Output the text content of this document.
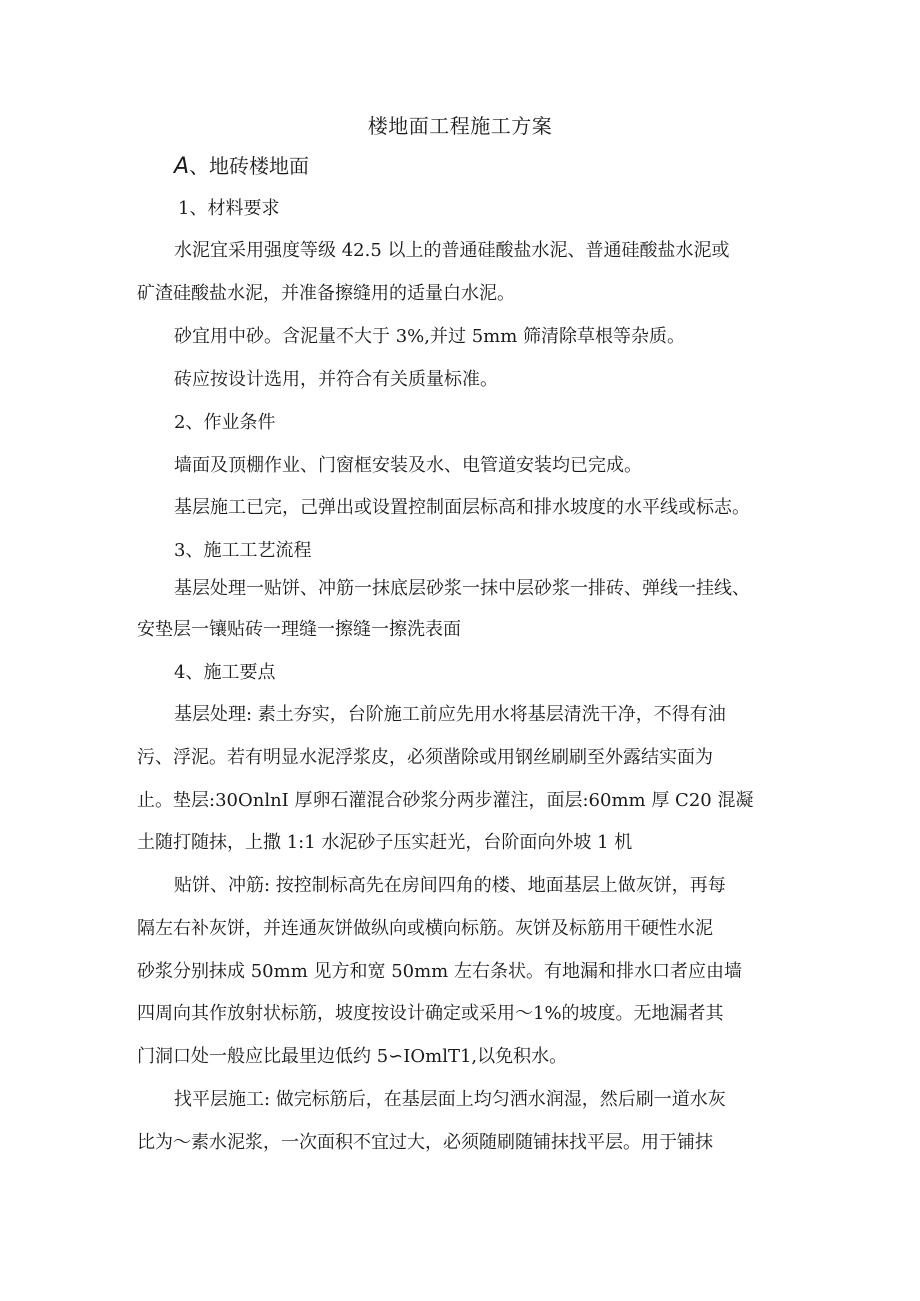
楼地面工程施工方案
A、地砖楼地面
1、材料要求
水泥宜采用强度等级 42.5 以上的普通硅酸盐水泥、普通硅酸盐水泥或
矿渣硅酸盐水泥，并准备擦缝用的适量白水泥。
砂宜用中砂。含泥量不大于 3%,并过 5mm 筛清除草根等杂质。
砖应按设计选用，并符合有关质量标准。
2、作业条件
墙面及顶棚作业、门窗框安装及水、电管道安装均已完成。
基层施工已完，己弹出或设置控制面层标高和排水坡度的水平线或标志。
3、施工工艺流程
基层处理一贴饼、冲筋一抹底层砂浆一抹中层砂浆一排砖、弹线一挂线、
安垫层一镶贴砖一理缝一擦缝一擦洗表面
4、施工要点
基层处理: 素土夯实，台阶施工前应先用水将基层清洗干净，不得有油
污、浮泥。若有明显水泥浮浆皮，必须凿除或用钢丝刷刷至外露结实面为
止。垫层:30OnlnI 厚卵石灌混合砂浆分两步灌注，面层:60mm 厚 C20 混凝
土随打随抹，上撒 1:1 水泥砂子压实赶光，台阶面向外坡 1 机
贴饼、冲筋: 按控制标高先在房间四角的楼、地面基层上做灰饼，再每
隔左右补灰饼，并连通灰饼做纵向或横向标筋。灰饼及标筋用干硬性水泥
砂浆分别抹成 50mm 见方和宽 50mm 左右条状。有地漏和排水口者应由墙
四周向其作放射状标筋，坡度按设计确定或采用～1%的坡度。无地漏者其
门洞口处一般应比最里边低约 5∽IOmlT1,以免积水。
找平层施工: 做完标筋后，在基层面上均匀洒水润湿，然后刷一道水灰
比为～素水泥浆，一次面积不宜过大，必须随刷随铺抹找平层。用于铺抹
